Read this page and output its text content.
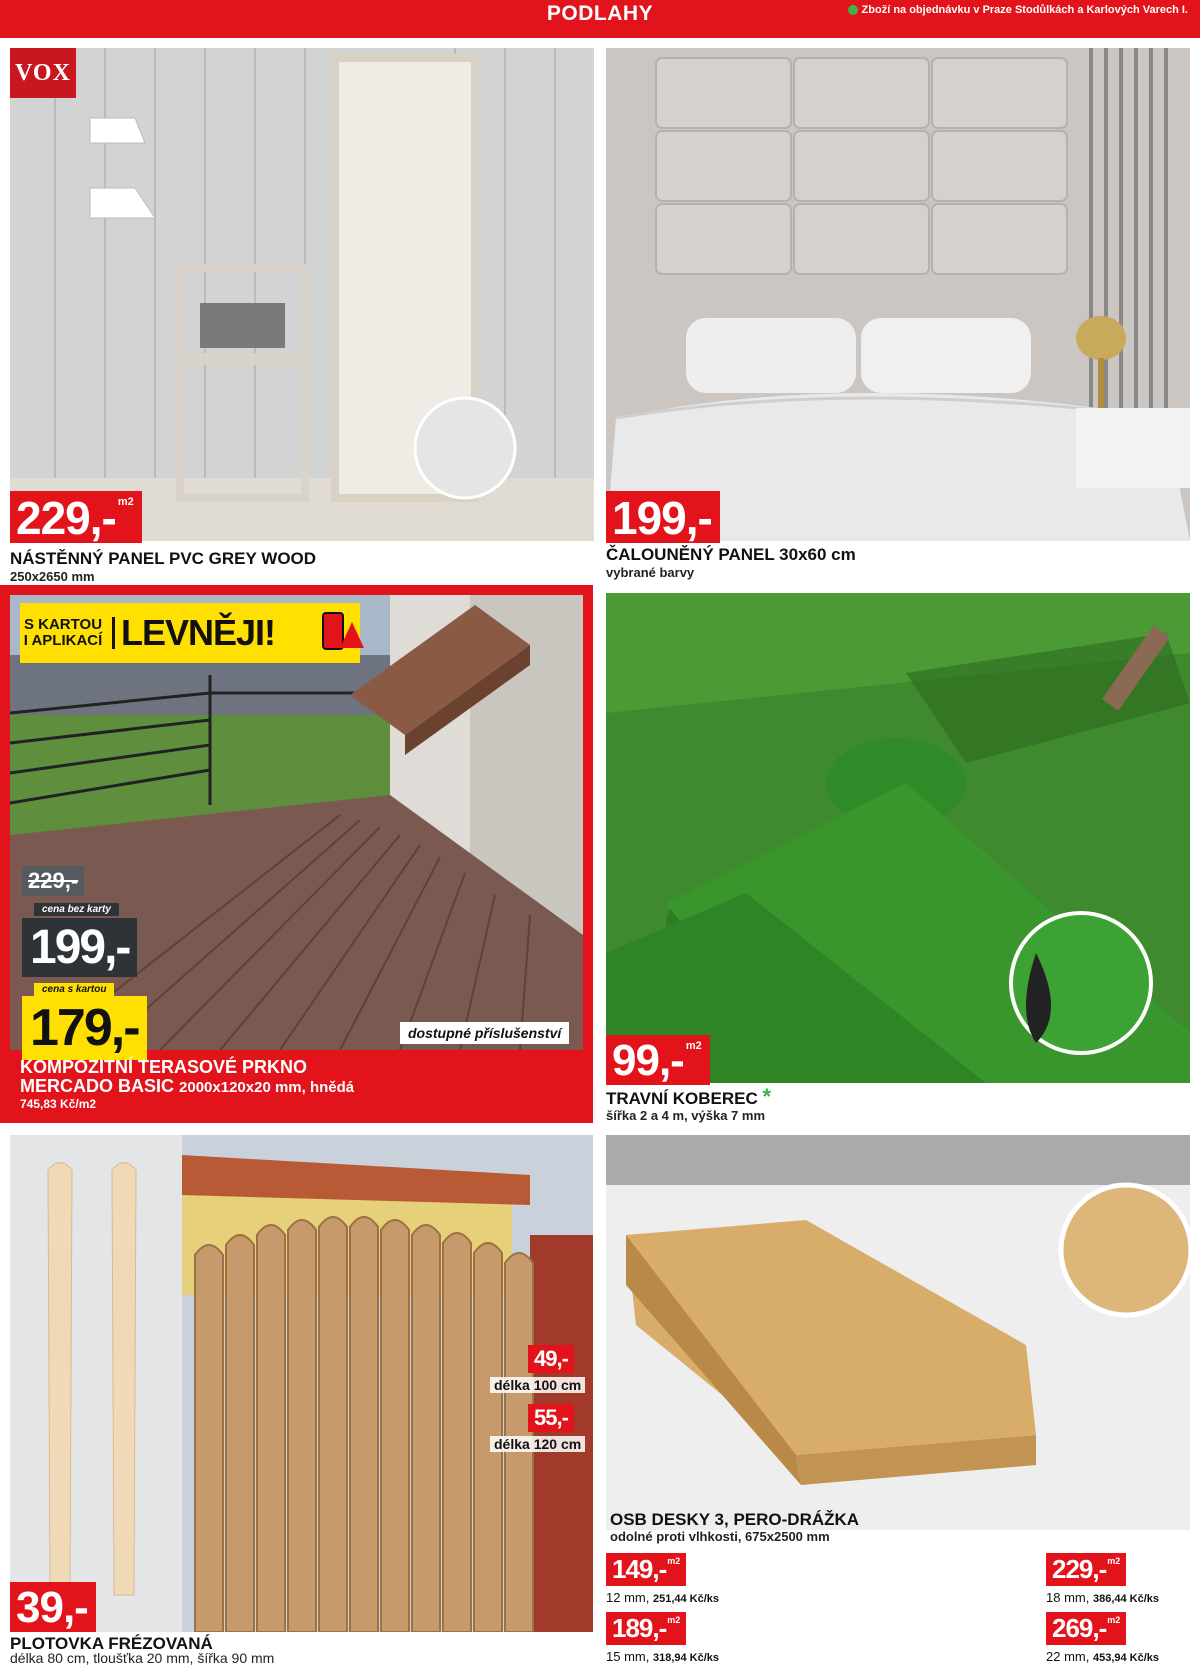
PODLAHY	Zboží na objednávku v Praze Stodůlkách a Karlových Varech I.
VOX
229,- m2
NÁSTĚNNÝ PANEL PVC GREY WOOD
250x2650 mm
199,-
ČALOUNĚNÝ PANEL 30x60 cm
vybrané barvy
S KARTOU I APLIKACÍ LEVNĚJI!
229,-
cena bez karty
199,-
cena s kartou
179,-	dostupné příslušenství
KOMPOZITNÍ TERASOVÉ PRKNO
MERCADO BASIC 2000x120x20 mm, hnědá
745,83 Kč/m2
99,- m2
TRAVNÍ KOBEREC *
šířka 2 a 4 m, výška 7 mm
49,-
délka 100 cm
55,-
délka 120 cm
39,-
PLOTOVKA FRÉZOVANÁ
délka 80 cm, tloušťka 20 mm, šířka 90 mm
OSB DESKY 3, PERO-DRÁŽKA
odolné proti vlhkosti, 675x2500 mm
149,- m2
12 mm, 251,44 Kč/ks
229,- m2
18 mm, 386,44 Kč/ks
189,- m2
15 mm, 318,94 Kč/ks
269,- m2
22 mm, 453,94 Kč/ks
